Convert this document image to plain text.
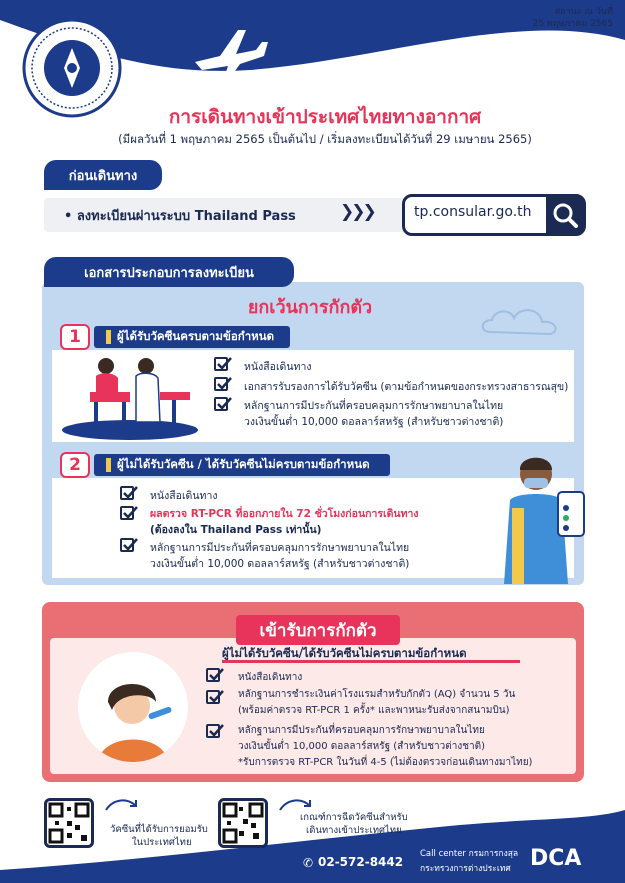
สถานะ ณ วันที่
25 พฤษภาคม 2565
การเดินทางเข้าประเทศไทยทางอากาศ
(มีผลวันที่ 1 พฤษภาคม 2565 เป็นต้นไป / เริ่มลงทะเบียนได้วันที่ 29 เมษายน 2565)
ก่อนเดินทาง
• ลงทะเบียนผ่านระบบ Thailand Pass	❯❯❯	tp.consular.go.th
เอกสารประกอบการลงทะเบียน
ยกเว้นการกักตัว
1	ผู้ได้รับวัคซีนครบตามข้อกำหนด
หนังสือเดินทาง
เอกสารรับรองการได้รับวัคซีน (ตามข้อกำหนดของกระทรวงสาธารณสุข)
หลักฐานการมีประกันที่ครอบคลุมการรักษาพยาบาลในไทย
วงเงินขั้นต่ำ 10,000 ดอลลาร์สหรัฐ (สำหรับชาวต่างชาติ)
2	ผู้ไม่ได้รับวัคซีน / ได้รับวัคซีนไม่ครบตามข้อกำหนด
หนังสือเดินทาง
ผลตรวจ RT-PCR ที่ออกภายใน 72 ชั่วโมงก่อนการเดินทาง
(ต้องลงใน Thailand Pass เท่านั้น)
หลักฐานการมีประกันที่ครอบคลุมการรักษาพยาบาลในไทย
วงเงินขั้นต่ำ 10,000 ดอลลาร์สหรัฐ (สำหรับชาวต่างชาติ)
เข้ารับการกักตัว
ผู้ไม่ได้รับวัคซีน/ได้รับวัคซีนไม่ครบตามข้อกำหนด
หนังสือเดินทาง
หลักฐานการชำระเงินค่าโรงแรมสำหรับกักตัว (AQ) จำนวน 5 วัน
(พร้อมค่าตรวจ RT-PCR 1 ครั้ง* และพาหนะรับส่งจากสนามบิน)
หลักฐานการมีประกันที่ครอบคลุมการรักษาพยาบาลในไทย
วงเงินขั้นต่ำ 10,000 ดอลลาร์สหรัฐ (สำหรับชาวต่างชาติ)
*รับการตรวจ RT-PCR ในวันที่ 4-5 (ไม่ต้องตรวจก่อนเดินทางมาไทย)
วัคซีนที่ได้รับการยอมรับ
ในประเทศไทย
เกณฑ์การฉีดวัคซีนสำหรับ
เดินทางเข้าประเทศไทย
✆ 02-572-8442
Call center กรมการกงสุล
กระทรวงการต่างประเทศ DCA
